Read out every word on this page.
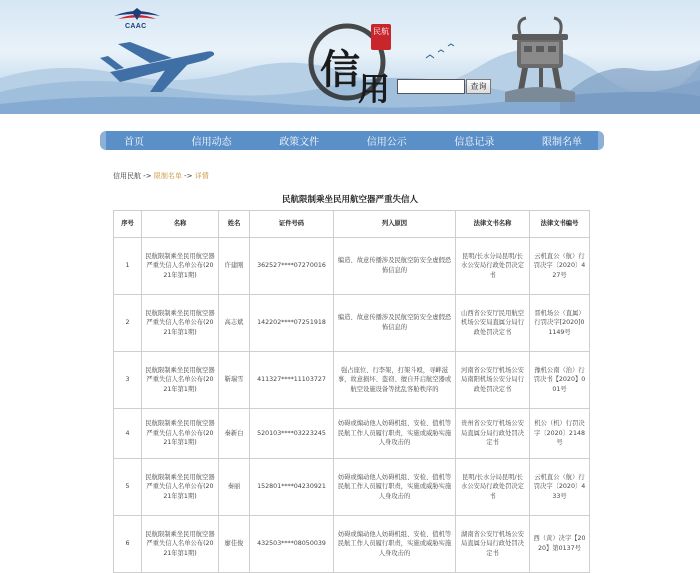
CAAC
信
用
民航
查询
首页	信用动态	政策文件	信用公示	信息记录	限制名单
信用民航 -> 限制名单 -> 详情
民航限制乘坐民用航空器严重失信人
序号	名称	姓名	证件号码	列入原因	法律文书名称	法律文书编号
1	民航限制乘坐民用航空器严重失信人名单公布(2021年第1期)	许建刚	362527****07270016	编造、故意传播涉及民航空防安全虚假恐怖信息的	昆明/长水分局昆明/长水公安局行政处罚决定书	云机直公（航）行罚决字〔2020〕427号
2	民航限制乘坐民用航空器严重失信人名单公布(2021年第1期)	高志斌	142202****07251918	编造、故意传播涉及民航空防安全虚假恐怖信息的	山西省公安厅民用航空机场公安局直属分局行政处罚决定书	晋机场公（直属）行罚决字[2020]01149号
3	民航限制乘坐民用航空器严重失信人名单公布(2021年第1期)	靳瑞雪	411327****11103727	强占座位、行李架，打架斗殴，寻衅滋事，故意损坏、盗窃、擅自开启航空器或航空设施设备等扰乱客舱秩序的	河南省公安厅机场公安局南阳机场公安分局行政处罚决定书	豫机公南（治）行罚决书【2020】001号
4	民航限制乘坐民用航空器严重失信人名单公布(2021年第1期)	秦新白	520103****03223245	妨碍或煽动他人妨碍机组、安检、值机等民航工作人员履行职责，实施或威胁实施人身攻击的	贵州省公安厅机场公安局直属分局行政处罚决定书	机公（机）行罚决字〔2020〕2148号
5	民航限制乘坐民用航空器严重失信人名单公布(2021年第1期)	秦丽	152801****04230921	妨碍或煽动他人妨碍机组、安检、值机等民航工作人员履行职责，实施或威胁实施人身攻击的	昆明/长水分局昆明/长水公安局行政处罚决定书	云机直公（航）行罚决字〔2020〕433号
6	民航限制乘坐民用航空器严重失信人名单公布(2021年第1期)	廖佳俊	432503****08050039	妨碍或煽动他人妨碍机组、安检、值机等民航工作人员履行职责，实施或威胁实施人身攻击的	湖南省公安厅机场公安局直属分局行政处罚决定书	西（黄）决字【2020】第0137号
